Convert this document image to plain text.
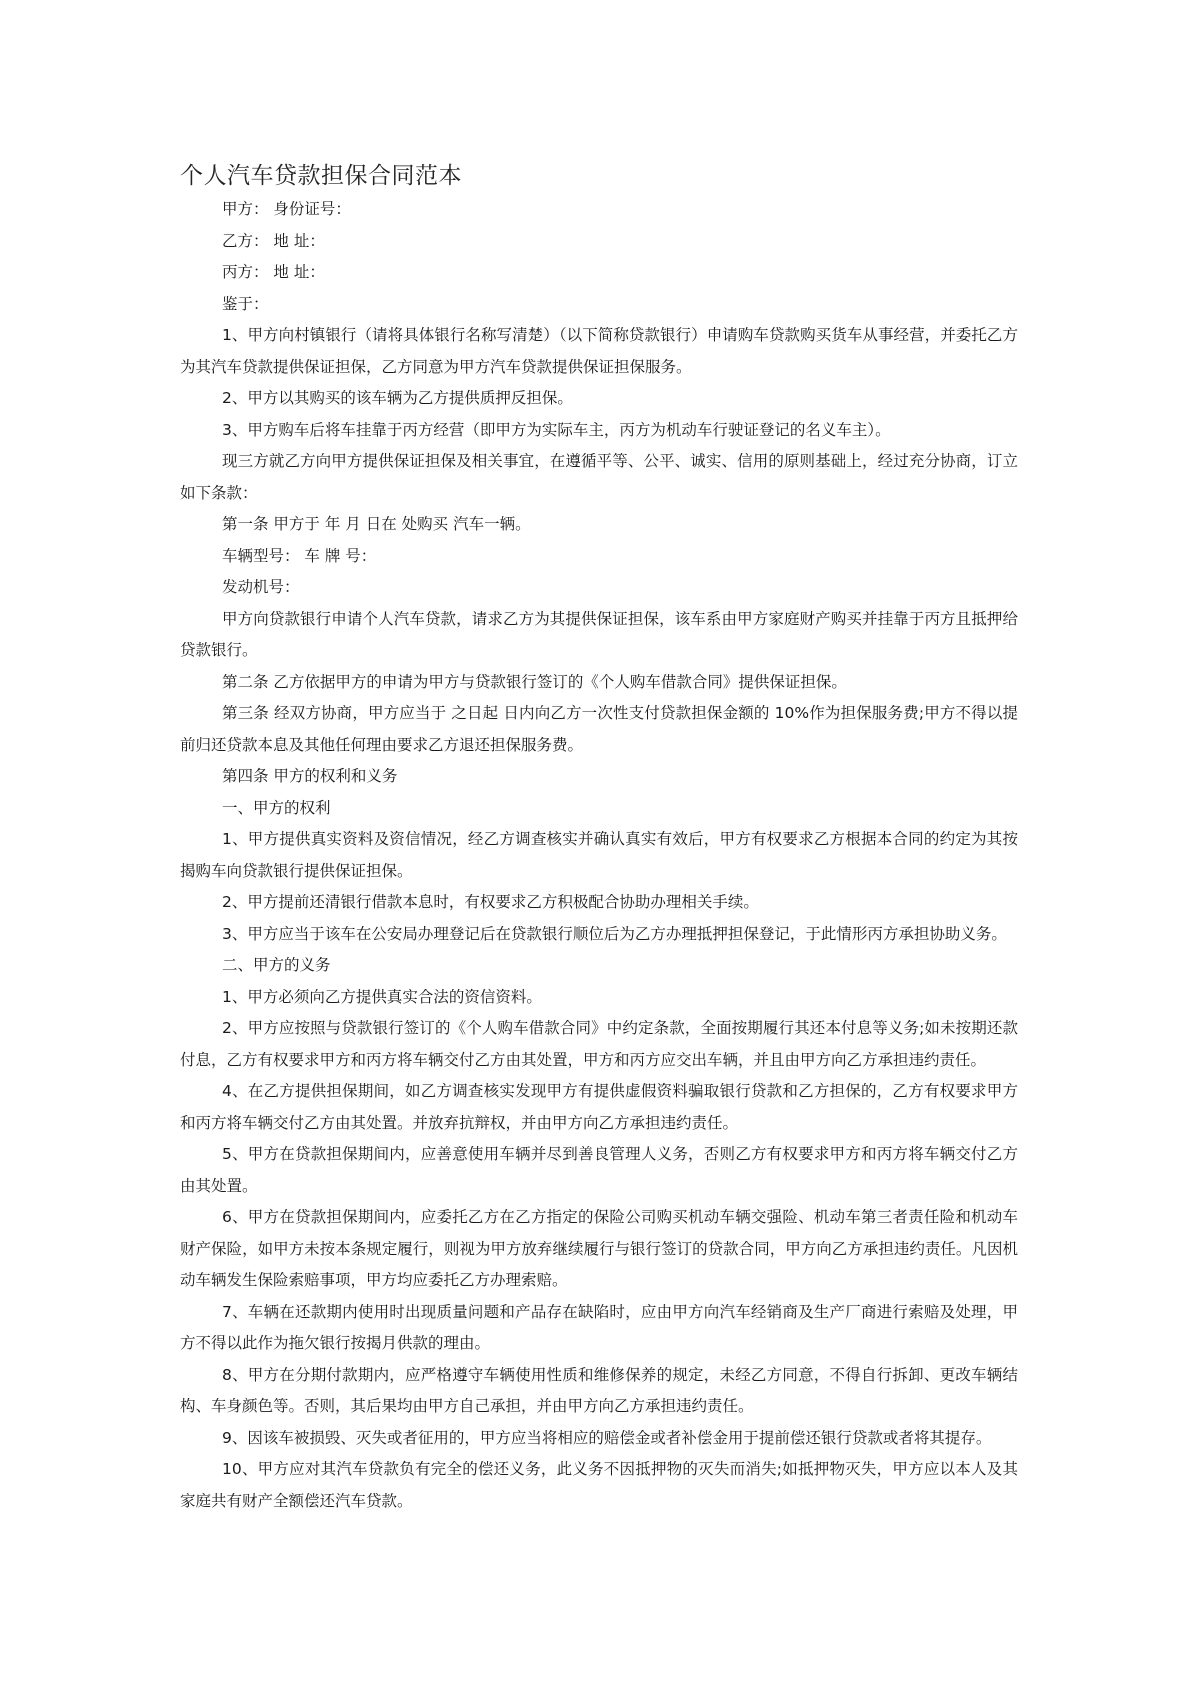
个人汽车贷款担保合同范本

甲方： 身份证号：

乙方： 地 址：

丙方： 地 址：

鉴于：

1、甲方向村镇银行（请将具体银行名称写清楚）（以下简称贷款银行）申请购车贷款购买货车从事经营，并委托乙方为其汽车贷款提供保证担保，乙方同意为甲方汽车贷款提供保证担保服务。

2、甲方以其购买的该车辆为乙方提供质押反担保。

3、甲方购车后将车挂靠于丙方经营（即甲方为实际车主，丙方为机动车行驶证登记的名义车主）。

现三方就乙方向甲方提供保证担保及相关事宜，在遵循平等、公平、诚实、信用的原则基础上，经过充分协商，订立如下条款：

第一条 甲方于 年 月 日在 处购买 汽车一辆。

车辆型号： 车 牌 号：

发动机号：

甲方向贷款银行申请个人汽车贷款，请求乙方为其提供保证担保，该车系由甲方家庭财产购买并挂靠于丙方且抵押给贷款银行。

第二条 乙方依据甲方的申请为甲方与贷款银行签订的《个人购车借款合同》提供保证担保。

第三条 经双方协商，甲方应当于 之日起 日内向乙方一次性支付贷款担保金额的 10%作为担保服务费;甲方不得以提前归还贷款本息及其他任何理由要求乙方退还担保服务费。

第四条 甲方的权利和义务

一、甲方的权利

1、甲方提供真实资料及资信情况，经乙方调查核实并确认真实有效后，甲方有权要求乙方根据本合同的约定为其按揭购车向贷款银行提供保证担保。

2、甲方提前还清银行借款本息时，有权要求乙方积极配合协助办理相关手续。

3、甲方应当于该车在公安局办理登记后在贷款银行顺位后为乙方办理抵押担保登记，于此情形丙方承担协助义务。

二、甲方的义务

1、甲方必须向乙方提供真实合法的资信资料。

2、甲方应按照与贷款银行签订的《个人购车借款合同》中约定条款，全面按期履行其还本付息等义务;如未按期还款付息，乙方有权要求甲方和丙方将车辆交付乙方由其处置，甲方和丙方应交出车辆，并且由甲方向乙方承担违约责任。

4、在乙方提供担保期间，如乙方调查核实发现甲方有提供虚假资料骗取银行贷款和乙方担保的，乙方有权要求甲方和丙方将车辆交付乙方由其处置。并放弃抗辩权，并由甲方向乙方承担违约责任。

5、甲方在贷款担保期间内，应善意使用车辆并尽到善良管理人义务，否则乙方有权要求甲方和丙方将车辆交付乙方由其处置。

6、甲方在贷款担保期间内，应委托乙方在乙方指定的保险公司购买机动车辆交强险、机动车第三者责任险和机动车财产保险，如甲方未按本条规定履行，则视为甲方放弃继续履行与银行签订的贷款合同，甲方向乙方承担违约责任。凡因机动车辆发生保险索赔事项，甲方均应委托乙方办理索赔。

7、车辆在还款期内使用时出现质量问题和产品存在缺陷时，应由甲方向汽车经销商及生产厂商进行索赔及处理，甲方不得以此作为拖欠银行按揭月供款的理由。

8、甲方在分期付款期内，应严格遵守车辆使用性质和维修保养的规定，未经乙方同意，不得自行拆卸、更改车辆结构、车身颜色等。否则，其后果均由甲方自己承担，并由甲方向乙方承担违约责任。

9、因该车被损毁、灭失或者征用的，甲方应当将相应的赔偿金或者补偿金用于提前偿还银行贷款或者将其提存。

10、甲方应对其汽车贷款负有完全的偿还义务，此义务不因抵押物的灭失而消失;如抵押物灭失，甲方应以本人及其家庭共有财产全额偿还汽车贷款。
